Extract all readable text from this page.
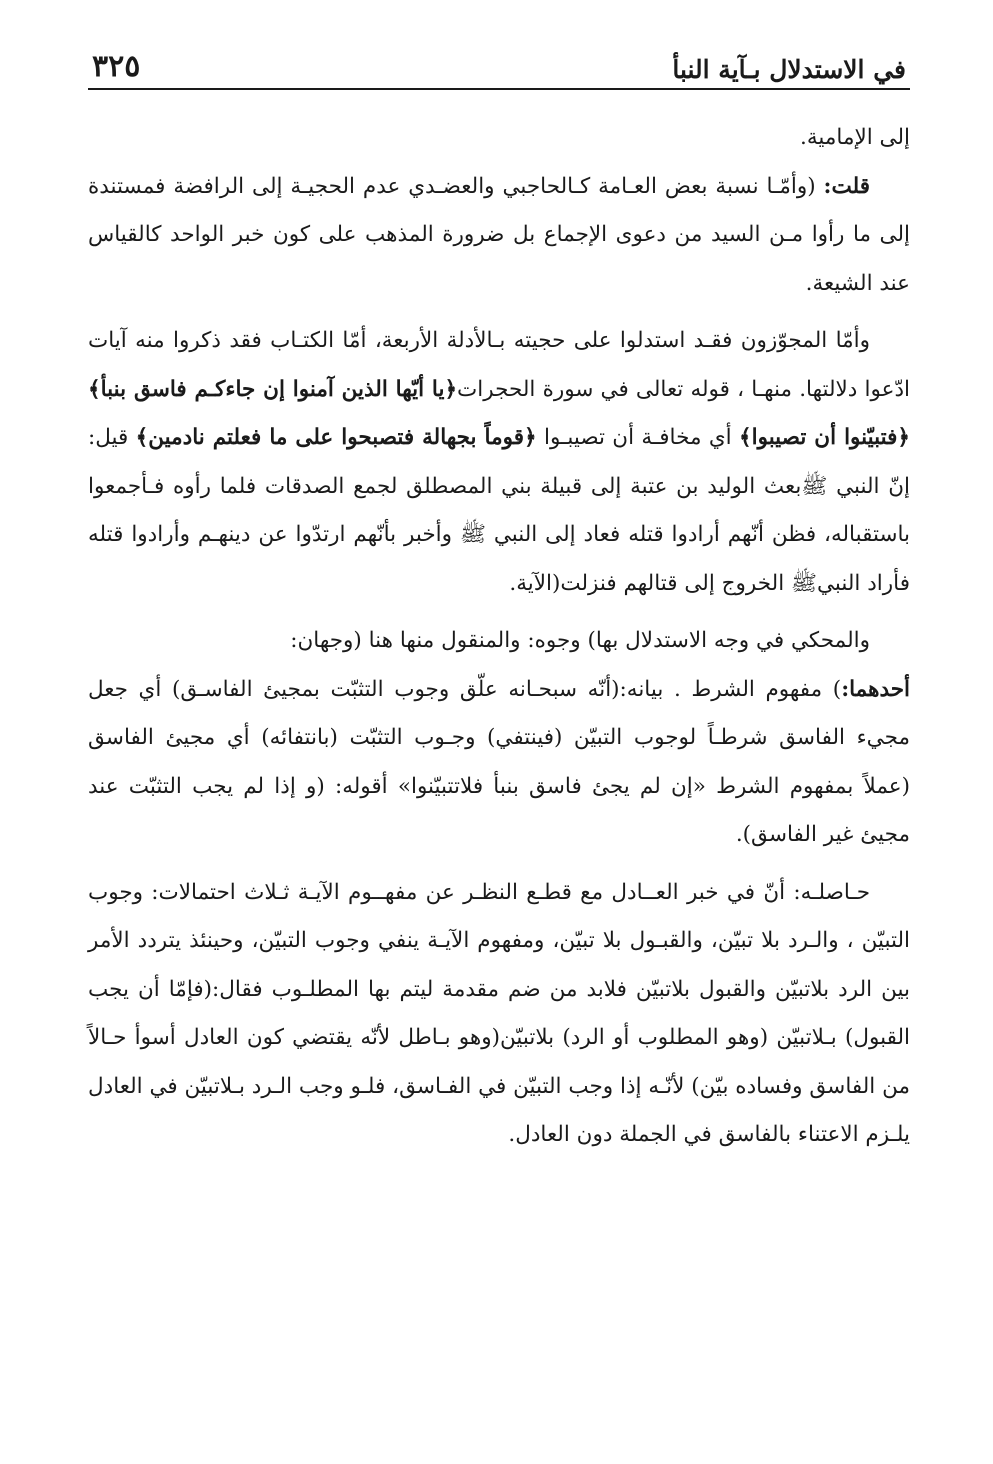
في الاستدلال بـآية النبأ
٣٢٥

إلى الإمامية.

قلت: (وأمّـا نسبة بعض العـامة كـالحاجبي والعضـدي عدم الحجيـة إلى الرافضة فمستندة إلى ما رأوا مـن السيد من دعوى الإجماع بل ضرورة المذهب على كون خبر الواحد كالقياس عند الشيعة.

وأمّا المجوّزون فقـد استدلوا على حجيته بـالأدلة الأربعة، أمّا الكتـاب فقد ذكروا منه آيات ادّعوا دلالتها. منهـا ، قوله تعالى في سورة الحجرات﴿يا أيّها الذين آمنوا إن جاءكـم فاسق بنبأ﴾ ﴿فتبيّنوا أن تصيبوا﴾ أي مخافـة أن تصيبـوا ﴿قوماً بجهالة فتصبحوا على ما فعلتم نادمين﴾ قيل: إنّ النبي ﷺبعث الوليد بن عتبة إلى قبيلة بني المصطلق لجمع الصدقات فلما رأوه فـأجمعوا باستقباله، فظن أنّهم أرادوا قتله فعاد إلى النبي ﷺ وأخبر بأنّهم ارتدّوا عن دينهـم وأرادوا قتله فأراد النبيﷺ الخروج إلى قتالهم فنزلت(الآية.

والمحكي في وجه الاستدلال بها) وجوه: والمنقول منها هنا (وجهان:

أحدهما:) مفهوم الشرط . بيانه:(أنّه سبحـانه علّق وجوب التثبّت بمجيئ الفاسـق) أي جعل مجيء الفاسق شرطـاً لوجوب التبيّن (فينتفي) وجـوب التثبّت (بانتفائه) أي مجيئ الفاسق (عملاً بمفهوم الشرط «إن لم يجئ فاسق بنبأ فلاتتبيّنوا» أقوله: (و إذا لم يجب التثبّت عند مجيئ غير الفاسق).

حـاصلـه: أنّ في خبر العــادل مع قطـع النظـر عن مفهــوم الآيـة ثـلاث احتمالات: وجوب التبيّن ، والـرد بلا تبيّن، والقبـول بلا تبيّن، ومفهوم الآيـة ينفي وجوب التبيّن، وحينئذ يتردد الأمر بين الرد بلاتبيّن والقبول بلاتبيّن فلابد من ضم مقدمة ليتم بها المطلـوب فقال:(فإمّا أن يجب القبول) بـلاتبيّن (وهو المطلوب أو الرد) بلاتبيّن(وهو بـاطل لأنّه يقتضي كون العادل أسوأ حـالاً من الفاسق وفساده بيّن) لأنّـه إذا وجب التبيّن في الفـاسق، فلـو وجب الـرد بـلاتبيّن في العادل يلـزم الاعتناء بالفاسق في الجملة دون العادل.
